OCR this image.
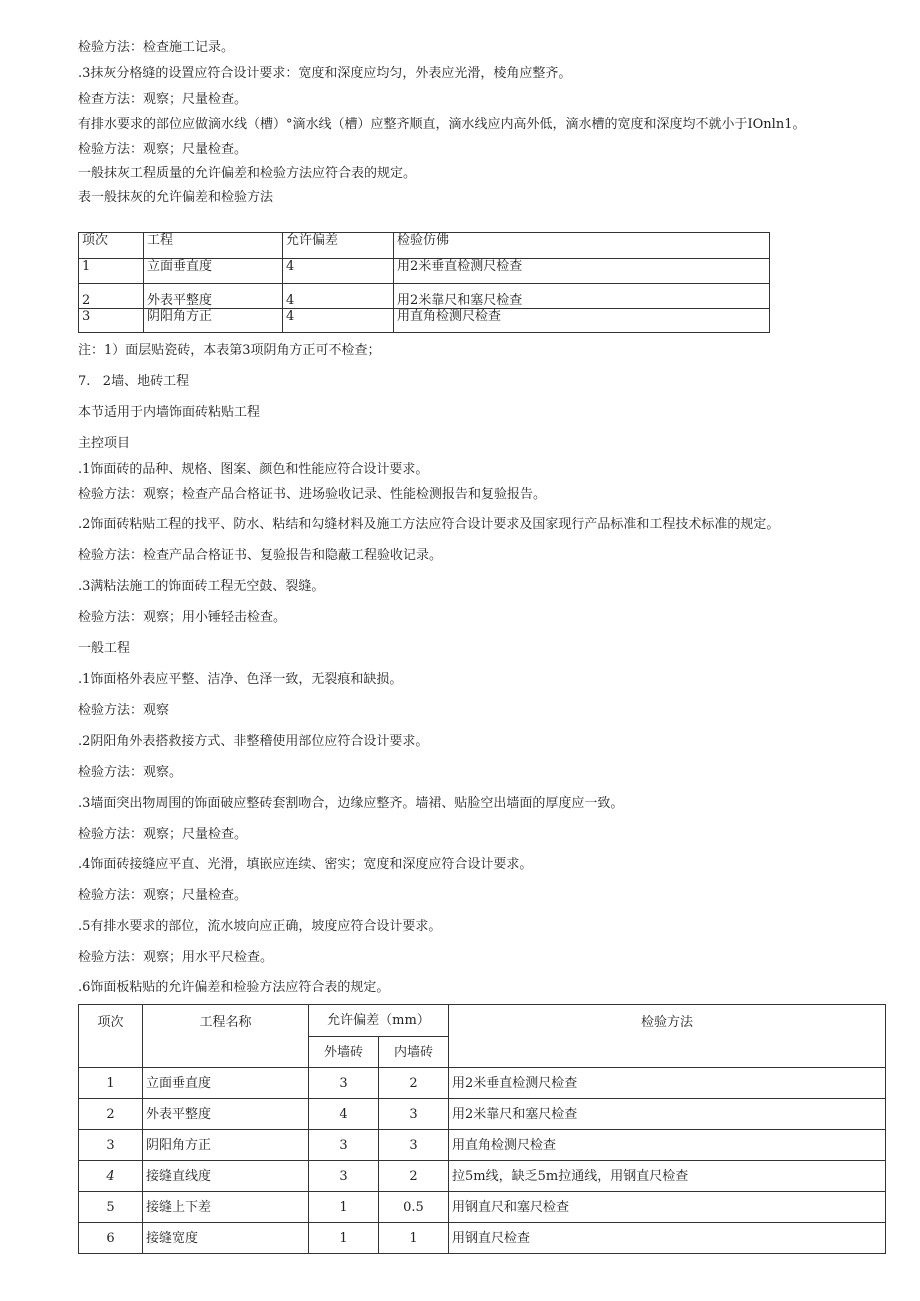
检验方法：检查施工记录。
.3抹灰分格缝的设置应符合设计要求：宽度和深度应均匀，外表应光滑，棱角应整齐。
检查方法：观察；尺量检查。
有排水要求的部位应做滴水线（槽）°滴水线（槽）应整齐顺直，滴水线应内高外低，滴水槽的宽度和深度均不就小于IOnln1。
检验方法：观察；尺量检查。
一般抹灰工程质量的允许偏差和检验方法应符合表的规定。
表一般抹灰的允许偏差和检验方法
项次	工程	允许偏差	检验仿佛
1	立面垂直度	4	用2米垂直检测尺检查
2	外表平整度	4	用2米靠尺和塞尺检查
3	阴阳角方正	4	用直角检测尺检查
注：1）面层贴瓷砖，本表第3项阴角方正可不检查；
7.   2墙、地砖工程
本节适用于内墙饰面砖粘贴工程
主控项目
.1饰面砖的品种、规格、图案、颜色和性能应符合设计要求。
检验方法：观察；检查产品合格证书、进场验收记录、性能检测报告和复验报告。
.2饰面砖粘贴工程的找平、防水、粘结和勾缝材料及施工方法应符合设计要求及国家现行产品标准和工程技术标准的规定。
检验方法：检查产品合格证书、复验报告和隐蔽工程验收记录。
.3满粘法施工的饰面砖工程无空鼓、裂缝。
检验方法：观察；用小锤轻击检查。
一般工程
.1饰面格外表应平整、洁净、色泽一致，无裂痕和缺损。
检验方法：观察
.2阴阳角外表搭救接方式、非整稽使用部位应符合设计要求。
检验方法：观察。
.3墙面突出物周围的饰面破应整砖套割吻合，边缘应整齐。墙裙、贴脸空出墙面的厚度应一致。
检验方法：观察；尺量检查。
.4饰面砖接缝应平直、光滑，填嵌应连续、密实；宽度和深度应符合设计要求。
检验方法：观察；尺量检查。
.5有排水要求的部位，流水坡向应正确，坡度应符合设计要求。
检验方法：观察；用水平尺检查。
.6饰面板粘贴的允许偏差和检验方法应符合表的规定。
项次	工程名称	允许偏差（mm）		检验方法
		外墙砖	内墙砖	
1	立面垂直度	3	2	用2米垂直检测尺检查
2	外表平整度	4	3	用2米靠尺和塞尺检查
3	阴阳角方正	3	3	用直角检测尺检查
4	接缝直线度	3	2	拉5m线，缺乏5m拉通线，用钢直尺检查
5	接缝上下差	1	0.5	用钢直尺和塞尺检查
6	接缝宽度	1	1	用钢直尺检查
